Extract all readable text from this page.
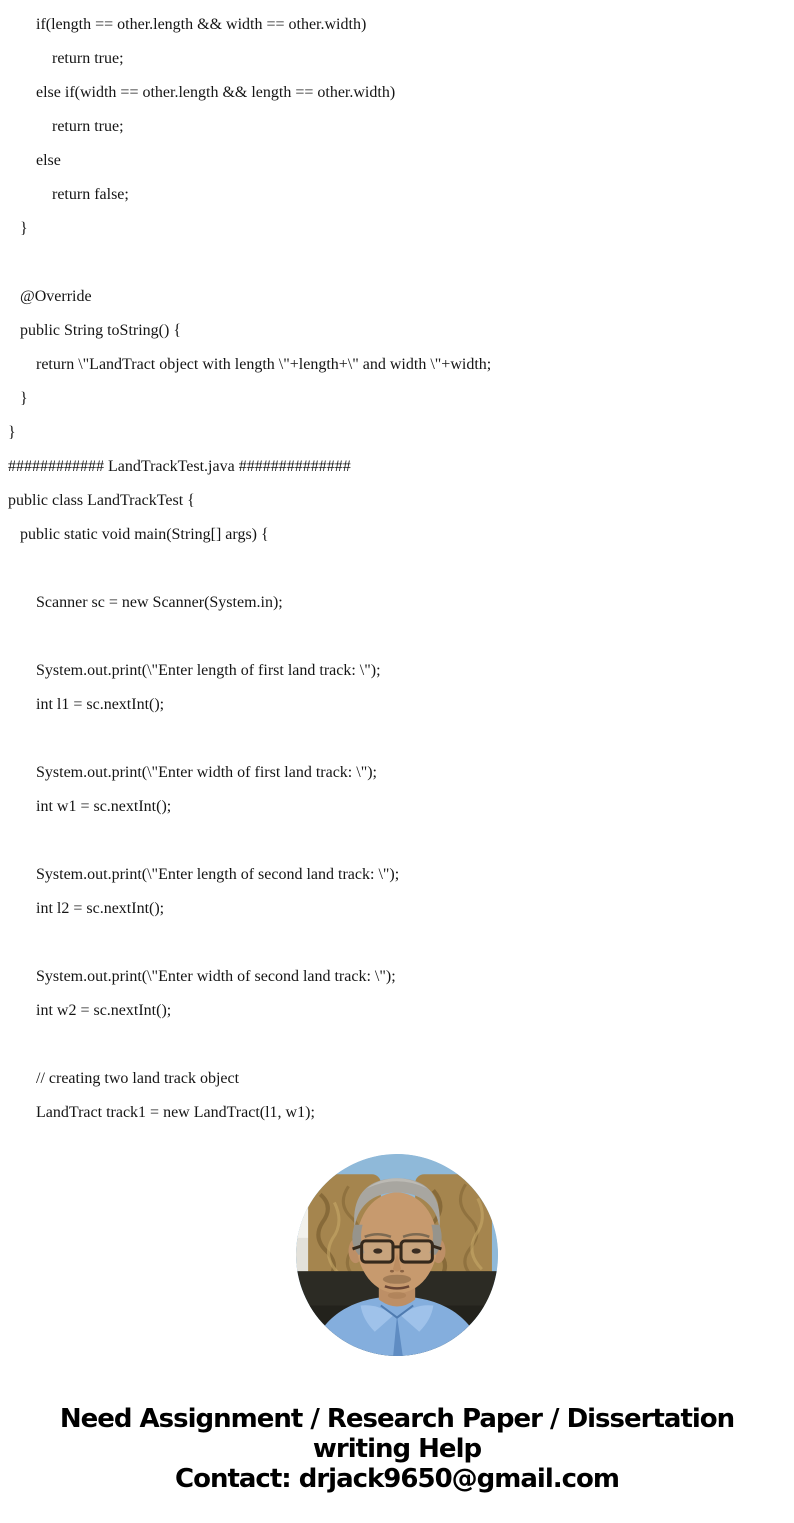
if(length == other.length && width == other.width)
return true;
else if(width == other.length && length == other.width)
return true;
else
return false;
}
@Override
public String toString() {
return \"LandTract object with length \"+length+\" and width \"+width;
}
}
############ LandTrackTest.java ##############
public class LandTrackTest {
public static void main(String[] args) {
Scanner sc = new Scanner(System.in);
System.out.print(\"Enter length of first land track: \");
int l1 = sc.nextInt();
System.out.print(\"Enter width of first land track: \");
int w1 = sc.nextInt();
System.out.print(\"Enter length of second land track: \");
int l2 = sc.nextInt();
System.out.print(\"Enter width of second land track: \");
int w2 = sc.nextInt();
// creating two land track object
LandTract track1 = new LandTract(l1, w1);
Need Assignment / Research Paper / Dissertation
writing Help
Contact: drjack9650@gmail.com
